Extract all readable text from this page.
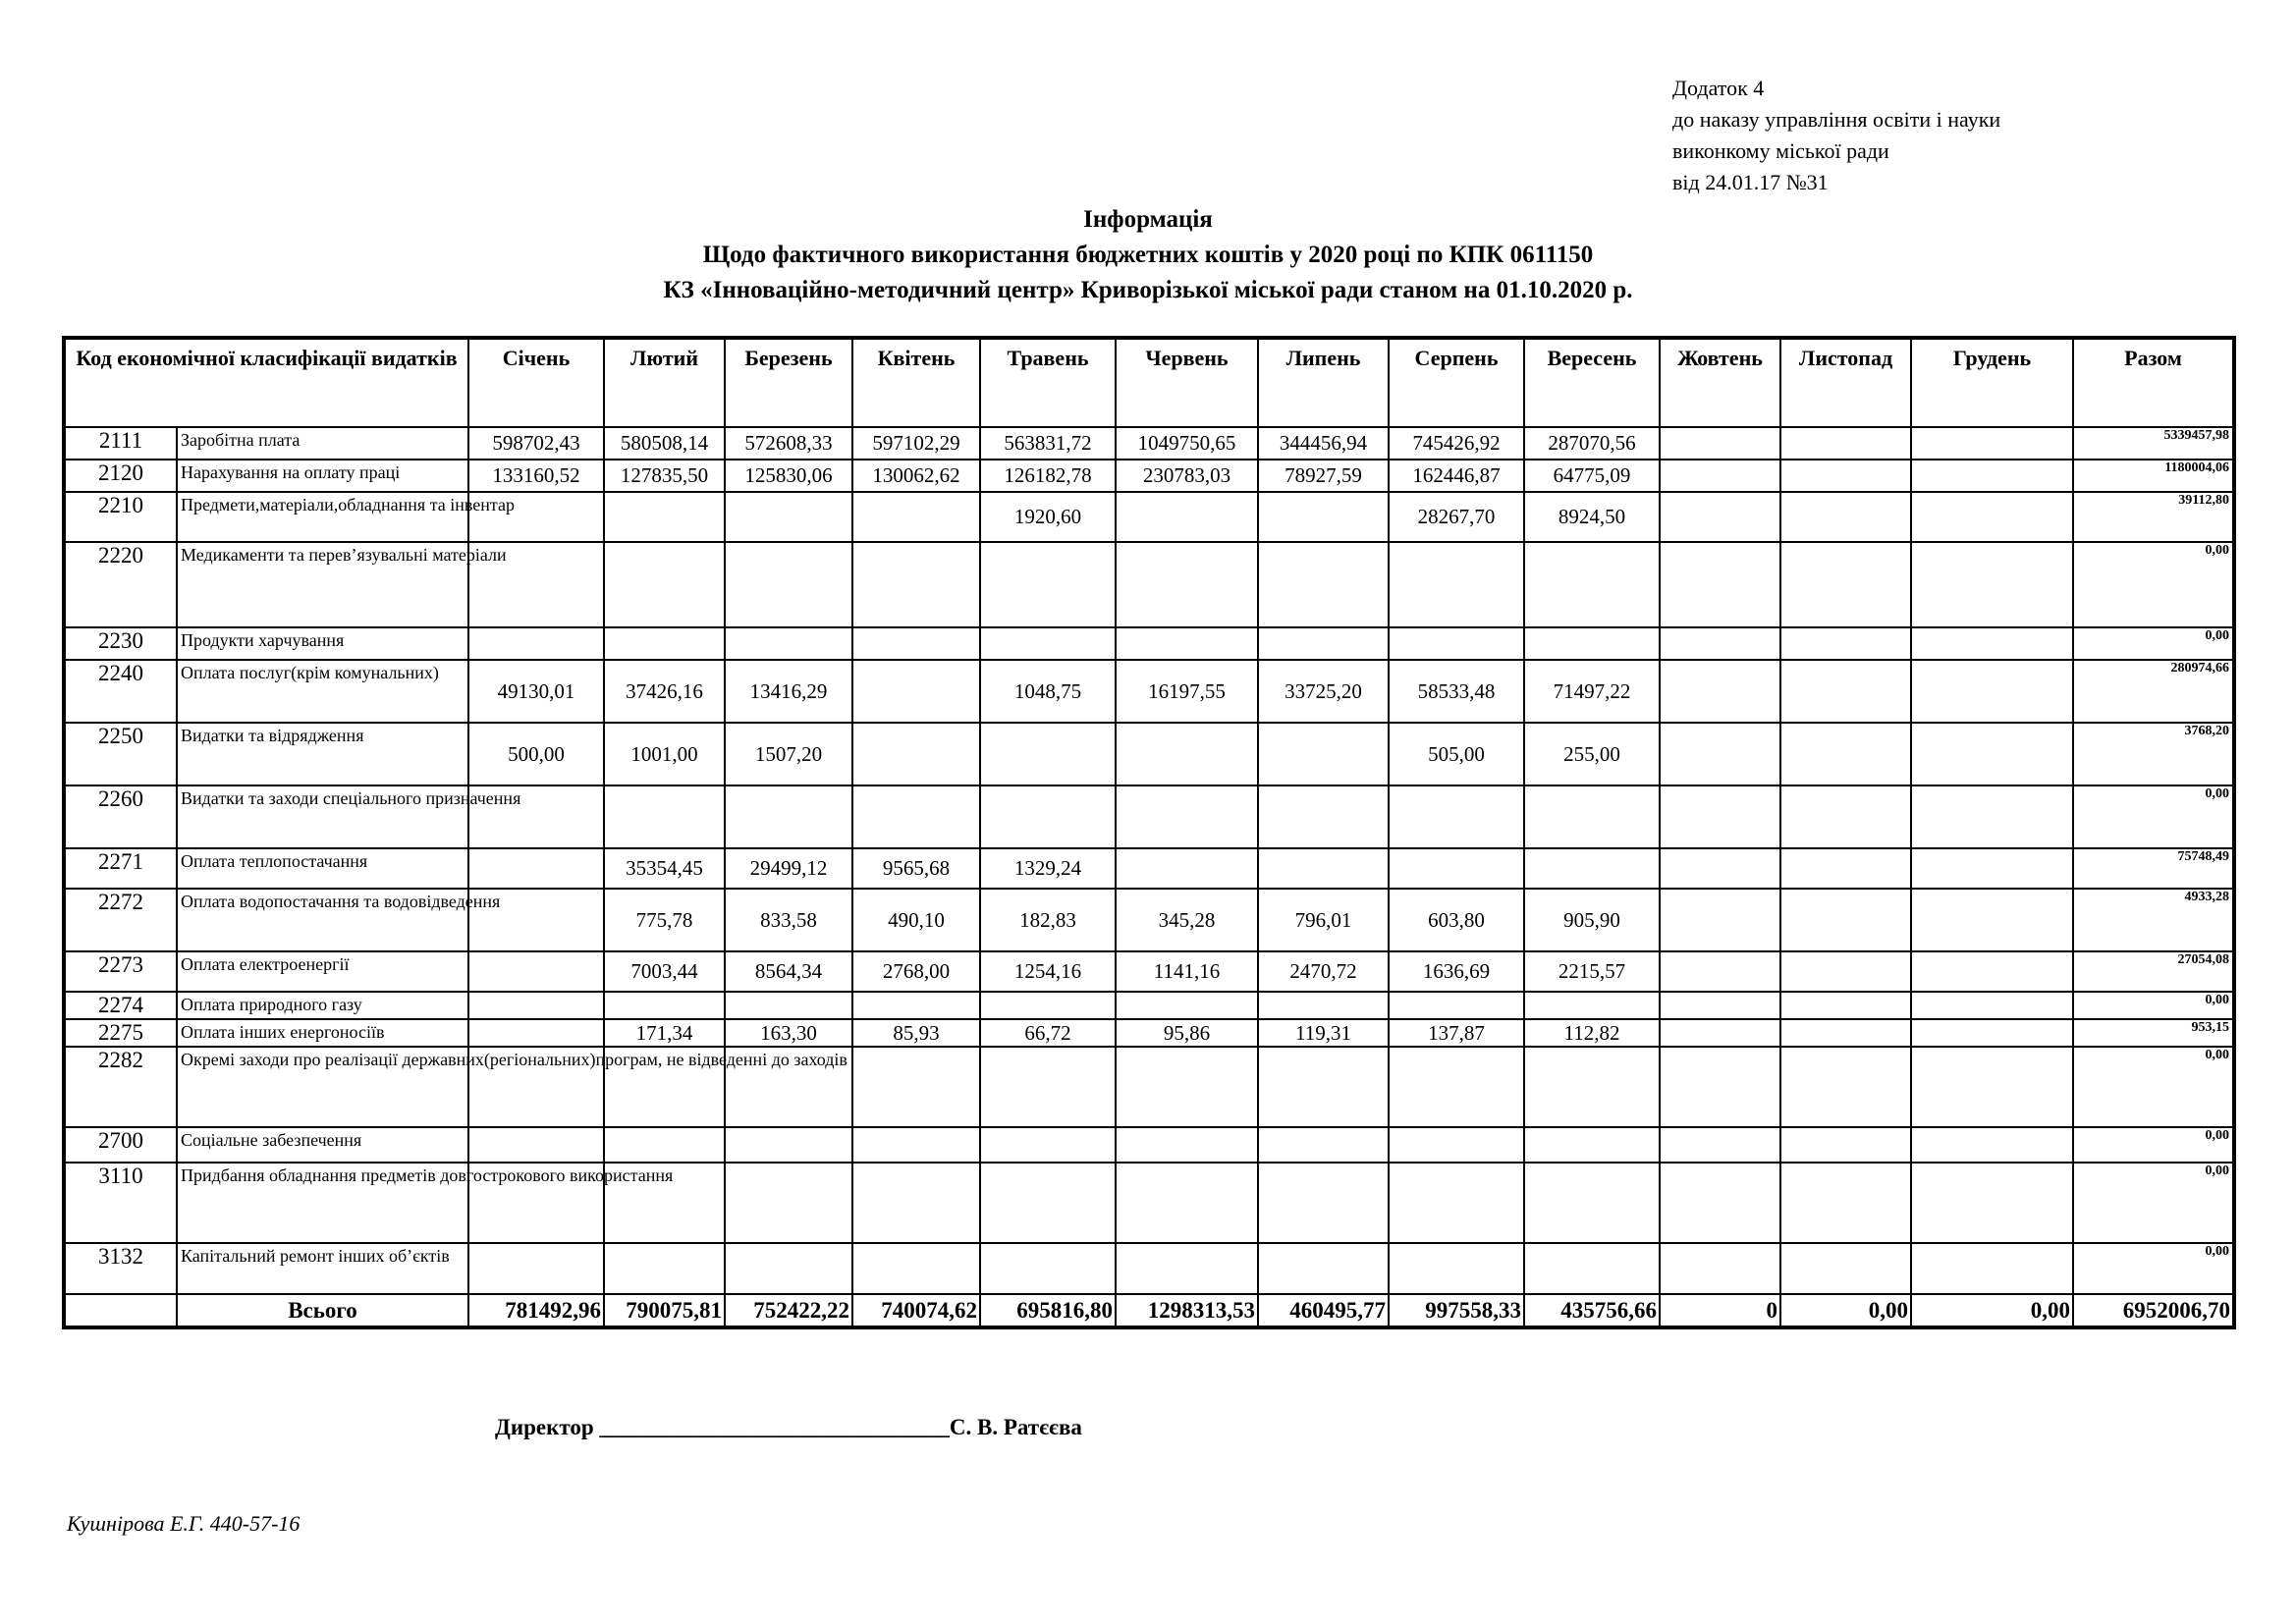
Додаток 4
до наказу управління освіти і науки
виконкому міської ради
від 24.01.17 №31
Інформація
Щодо фактичного використання бюджетних коштів у 2020 році по КПК 0611150
КЗ «Інноваційно-методичний центр» Криворізької міської ради станом на 01.10.2020 р.
Код економічної класифікації видатків		Січень	Лютий	Березень	Квітень	Травень	Червень	Липень	Серпень	Вересень	Жовтень	Листопад	Грудень	Разом
2111	Заробітна плата	598702,43	580508,14	572608,33	597102,29	563831,72	1049750,65	344456,94	745426,92	287070,56				5339457,98
2120	Нарахування на оплату праці	133160,52	127835,50	125830,06	130062,62	126182,78	230783,03	78927,59	162446,87	64775,09				1180004,06
2210	Предмети,матеріали,обладнання та інвентар					1920,60			28267,70	8924,50				39112,80
2220	Медикаменти та перев’язувальні матеріали													0,00
2230	Продукти харчування													0,00
2240	Оплата послуг(крім комунальних)	49130,01	37426,16	13416,29		1048,75	16197,55	33725,20	58533,48	71497,22				280974,66
2250	Видатки та відрядження	500,00	1001,00	1507,20					505,00	255,00				3768,20
2260	Видатки та заходи спеціального призначення													0,00
2271	Оплата теплопостачання		35354,45	29499,12	9565,68	1329,24								75748,49
2272	Оплата водопостачання та водовідведення		775,78	833,58	490,10	182,83	345,28	796,01	603,80	905,90				4933,28
2273	Оплата електроенергії		7003,44	8564,34	2768,00	1254,16	1141,16	2470,72	1636,69	2215,57				27054,08
2274	Оплата природного газу													0,00
2275	Оплата інших енергоносіїв		171,34	163,30	85,93	66,72	95,86	119,31	137,87	112,82				953,15
2282	Окремі заходи про реалізації державних(регіональних)програм, не відведенні до заходів													0,00
2700	Соціальне забезпечення													0,00
3110	Придбання обладнання предметів довгострокового використання													0,00
3132	Капітальний ремонт інших об’єктів													0,00
	Всього	781492,96	790075,81	752422,22	740074,62	695816,80	1298313,53	460495,77	997558,33	435756,66	0	0,00	0,00	6952006,70
Директор _______________________________С. В. Ратєєва
Кушнірова Е.Г. 440-57-16
